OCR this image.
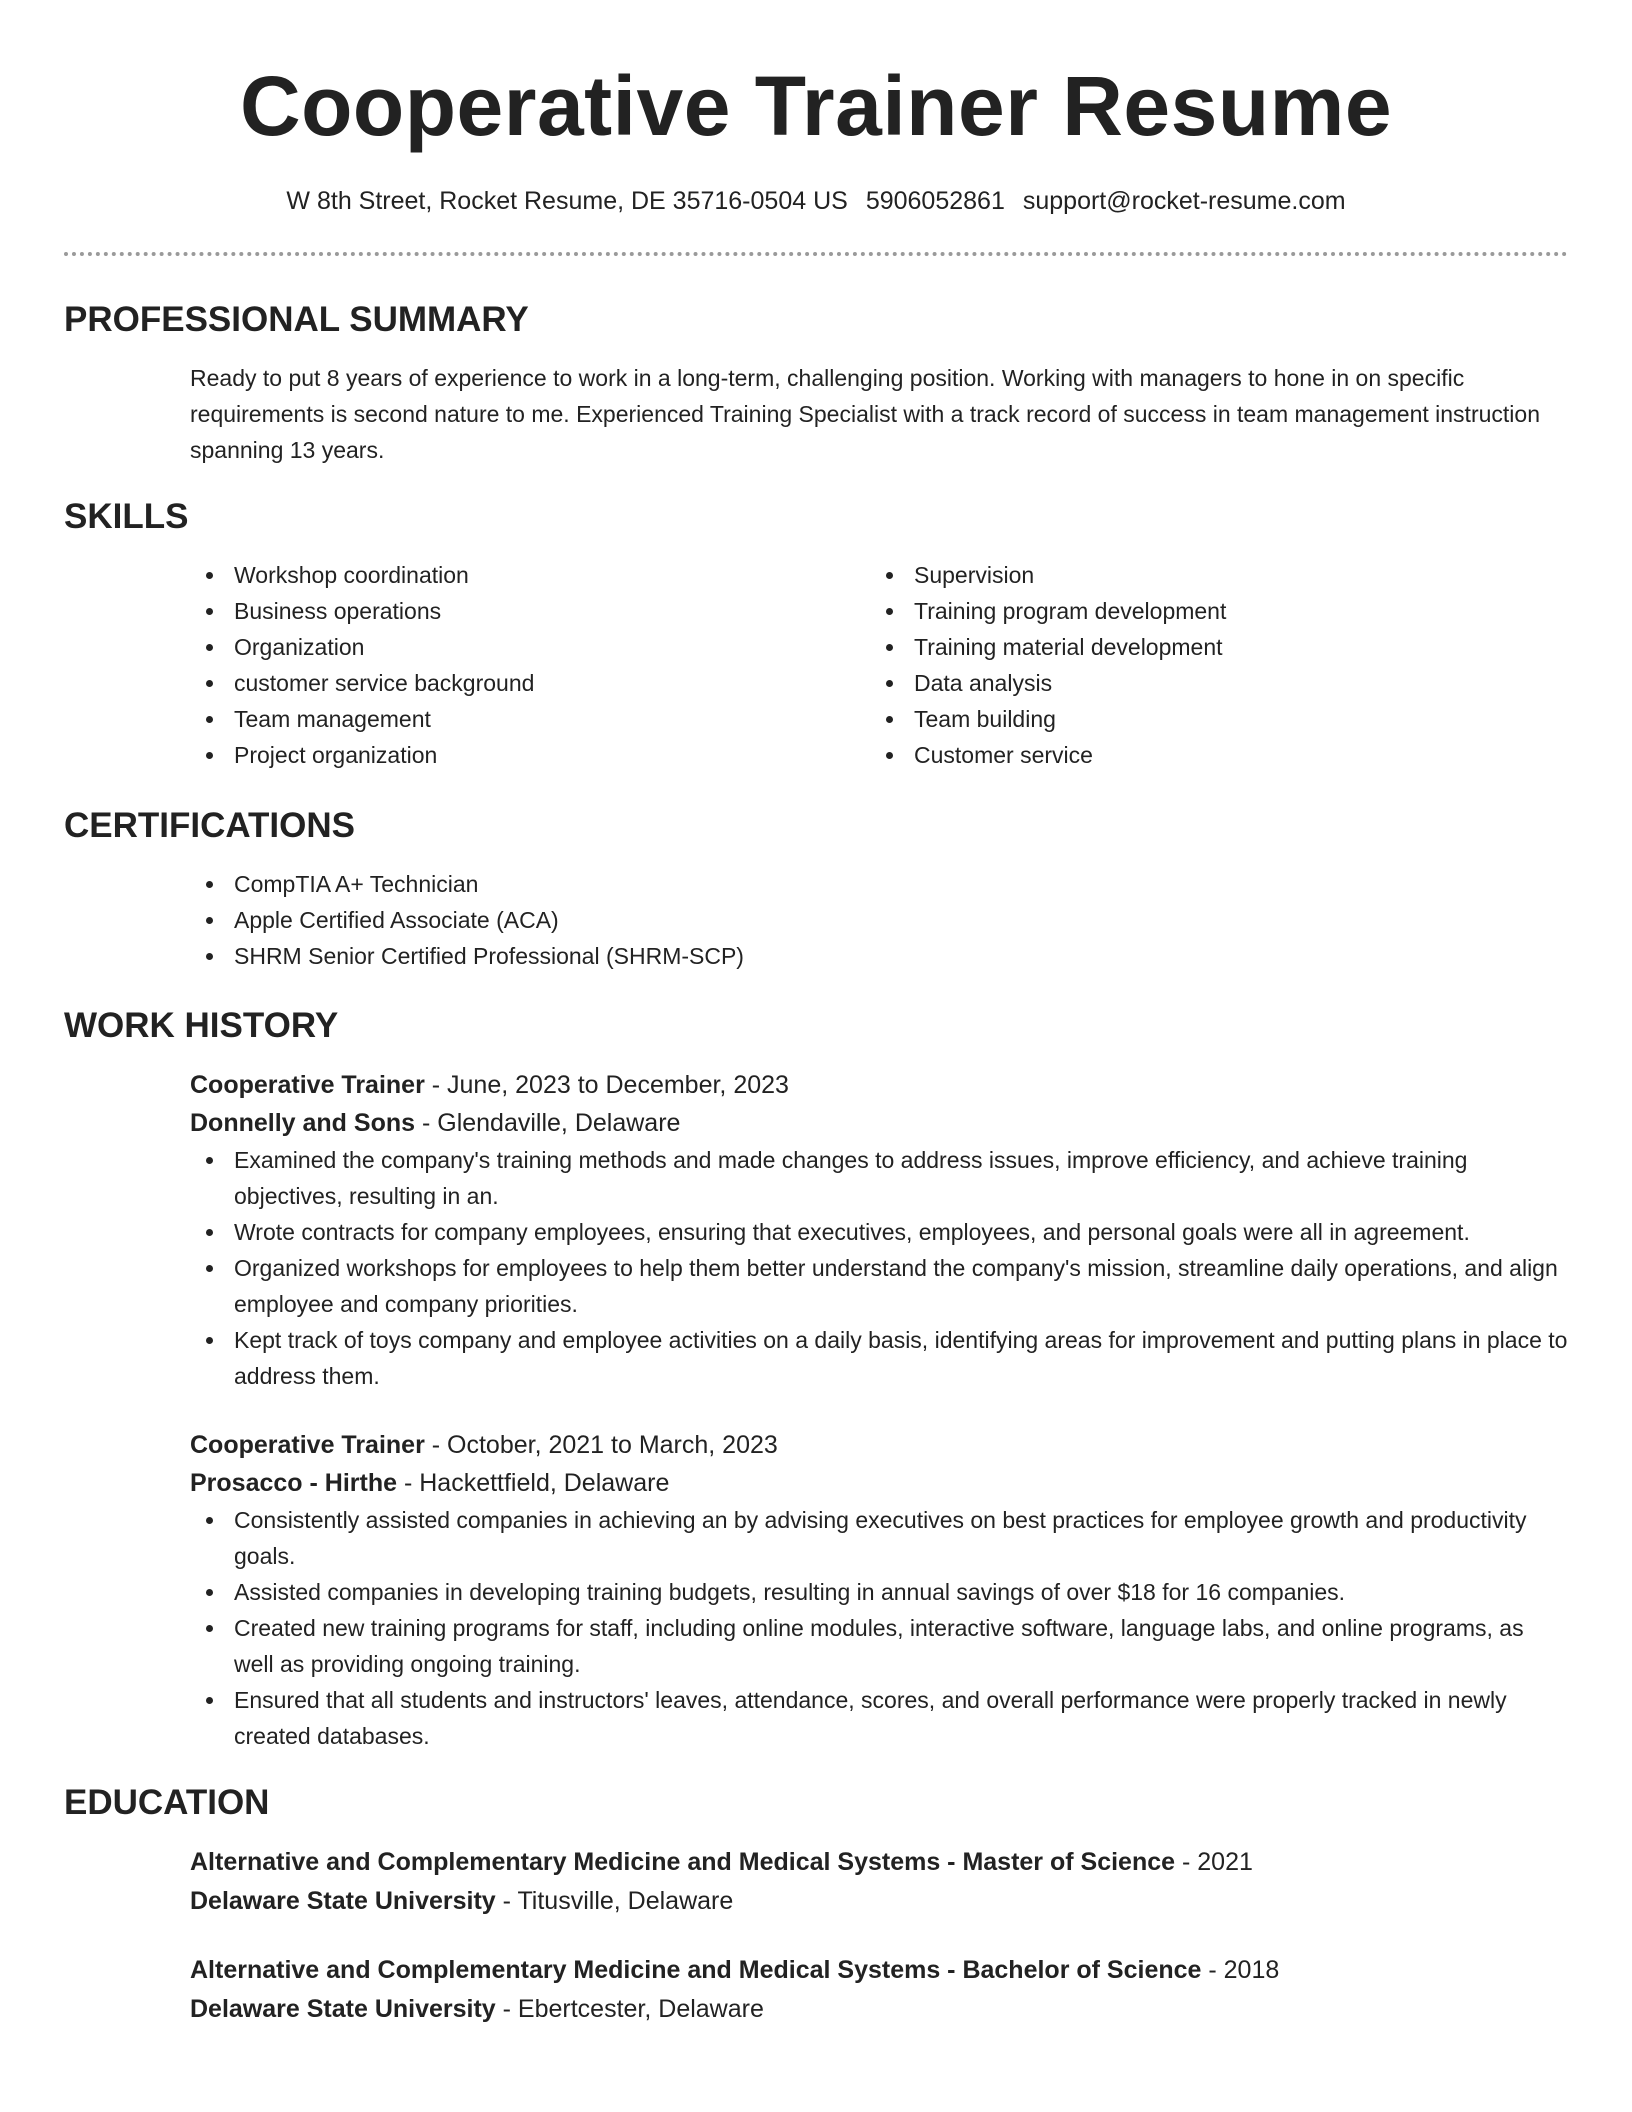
Cooperative Trainer Resume
W 8th Street, Rocket Resume, DE 35716-0504 US 5906052861 support@rocket-resume.com
PROFESSIONAL SUMMARY

Ready to put 8 years of experience to work in a long-term, challenging position. Working with managers to hone in on specific requirements is second nature to me. Experienced Training Specialist with a track record of success in team management instruction spanning 13 years.

SKILLS
Workshop coordination
Business operations
Organization
customer service background
Team management
Project organization
Supervision
Training program development
Training material development
Data analysis
Team building
Customer service
CERTIFICATIONS
CompTIA A+ Technician
Apple Certified Associate (ACA)
SHRM Senior Certified Professional (SHRM-SCP)
WORK HISTORY
Cooperative Trainer - June, 2023 to December, 2023
Donnelly and Sons - Glendaville, Delaware
Examined the company's training methods and made changes to address issues, improve efficiency, and achieve training objectives, resulting in an.
Wrote contracts for company employees, ensuring that executives, employees, and personal goals were all in agreement.
Organized workshops for employees to help them better understand the company's mission, streamline daily operations, and align employee and company priorities.
Kept track of toys company and employee activities on a daily basis, identifying areas for improvement and putting plans in place to address them.
Cooperative Trainer - October, 2021 to March, 2023
Prosacco - Hirthe - Hackettfield, Delaware
Consistently assisted companies in achieving an by advising executives on best practices for employee growth and productivity goals.
Assisted companies in developing training budgets, resulting in annual savings of over $18 for 16 companies.
Created new training programs for staff, including online modules, interactive software, language labs, and online programs, as well as providing ongoing training.
Ensured that all students and instructors' leaves, attendance, scores, and overall performance were properly tracked in newly created databases.
EDUCATION
Alternative and Complementary Medicine and Medical Systems - Master of Science - 2021
Delaware State University - Titusville, Delaware
Alternative and Complementary Medicine and Medical Systems - Bachelor of Science - 2018
Delaware State University - Ebertcester, Delaware
